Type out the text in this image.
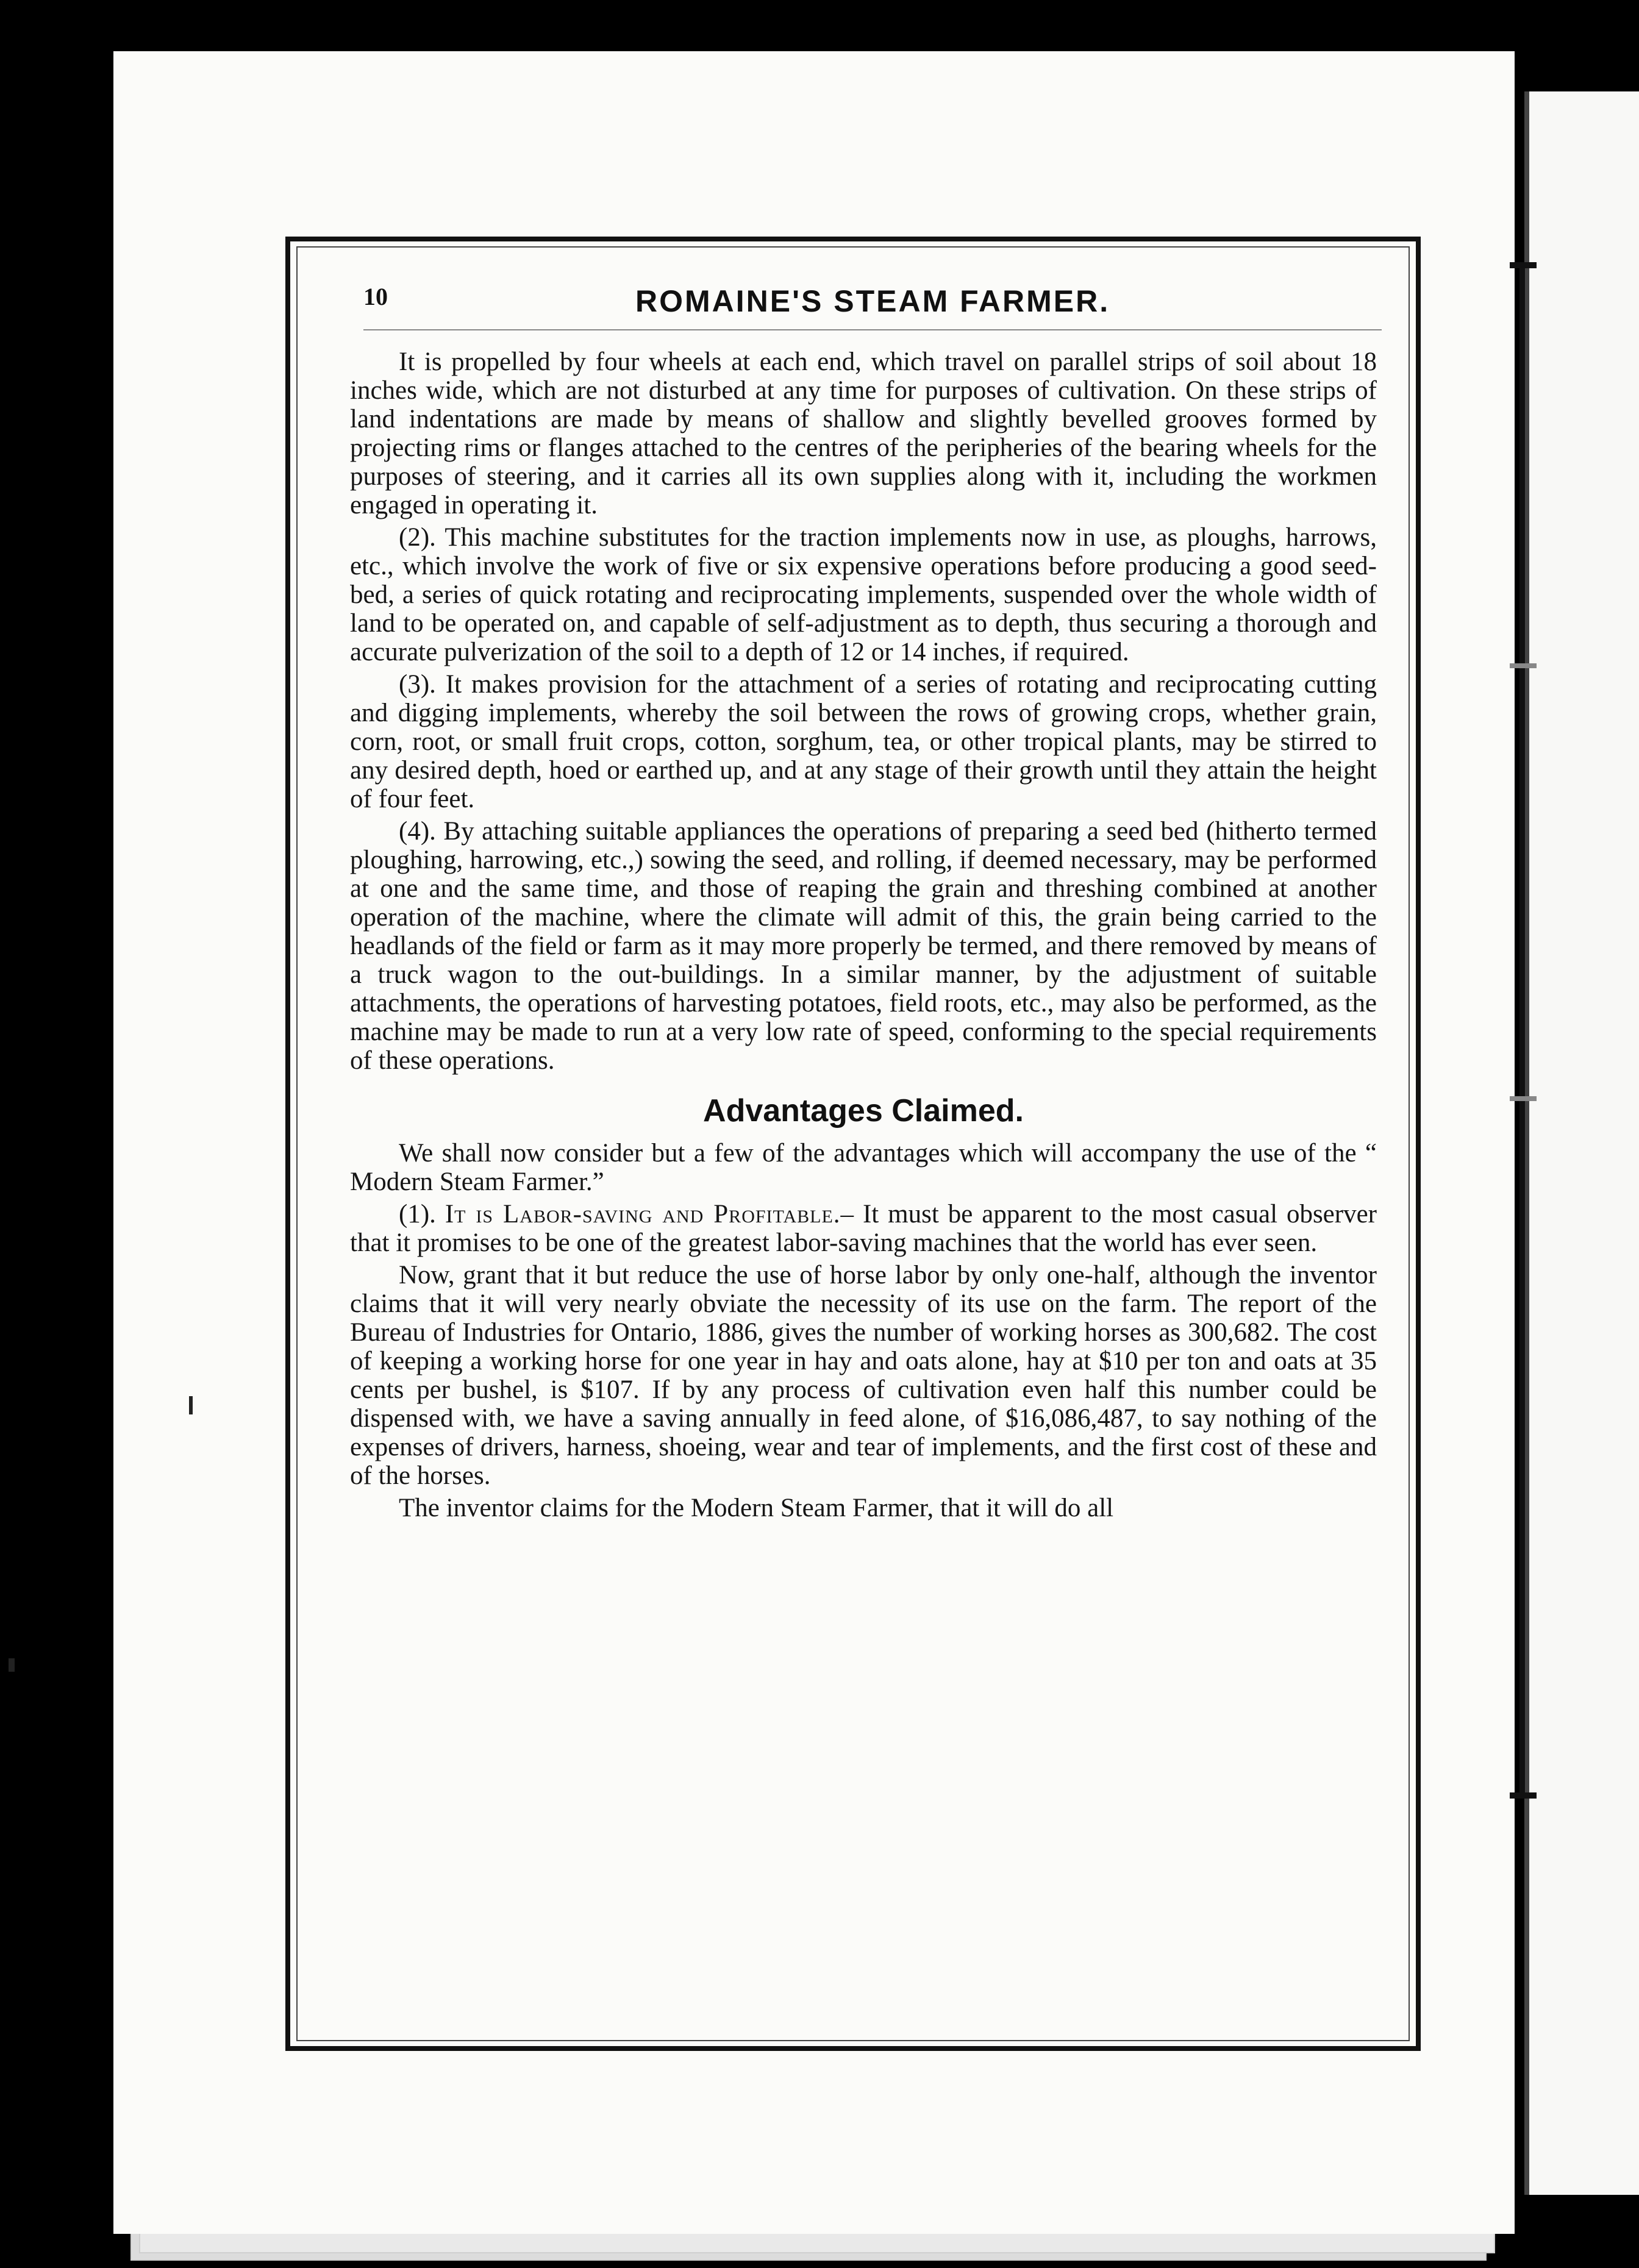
10	ROMAINE'S STEAM FARMER.

It is propelled by four wheels at each end, which travel on parallel strips of soil about 18 inches wide, which are not disturbed at any time for purposes of cultivation. On these strips of land indentations are made by means of shallow and slightly bevelled grooves formed by projecting rims or flanges attached to the centres of the peripheries of the bearing wheels for the purposes of steering, and it carries all its own supplies along with it, including the workmen engaged in operating it.

(2). This machine substitutes for the traction implements now in use, as ploughs, harrows, etc., which involve the work of five or six expensive operations before producing a good seed-bed, a series of quick rotating and reciprocating implements, suspended over the whole width of land to be operated on, and capable of self-adjustment as to depth, thus securing a thorough and accurate pulverization of the soil to a depth of 12 or 14 inches, if required.

(3). It makes provision for the attachment of a series of rotating and reciprocating cutting and digging implements, whereby the soil between the rows of growing crops, whether grain, corn, root, or small fruit crops, cotton, sorghum, tea, or other tropical plants, may be stirred to any desired depth, hoed or earthed up, and at any stage of their growth until they attain the height of four feet.

(4). By attaching suitable appliances the operations of preparing a seed bed (hitherto termed ploughing, harrowing, etc.,) sowing the seed, and rolling, if deemed necessary, may be performed at one and the same time, and those of reaping the grain and threshing combined at another operation of the machine, where the climate will admit of this, the grain being carried to the headlands of the field or farm as it may more properly be termed, and there removed by means of a truck wagon to the out-buildings. In a similar manner, by the adjustment of suitable attachments, the operations of harvesting potatoes, field roots, etc., may also be performed, as the machine may be made to run at a very low rate of speed, conforming to the special requirements of these operations.

Advantages Claimed.

We shall now consider but a few of the advantages which will accompany the use of the “ Modern Steam Farmer.”

(1). It is Labor-saving and Profitable.– It must be apparent to the most casual observer that it promises to be one of the greatest labor-saving machines that the world has ever seen.

Now, grant that it but reduce the use of horse labor by only one-half, although the inventor claims that it will very nearly obviate the necessity of its use on the farm. The report of the Bureau of Industries for Ontario, 1886, gives the number of working horses as 300,682. The cost of keeping a working horse for one year in hay and oats alone, hay at $10 per ton and oats at 35 cents per bushel, is $107. If by any process of cultivation even half this number could be dispensed with, we have a saving annually in feed alone, of $16,086,487, to say nothing of the expenses of drivers, harness, shoeing, wear and tear of implements, and the first cost of these and of the horses.

The inventor claims for the Modern Steam Farmer, that it will do all
